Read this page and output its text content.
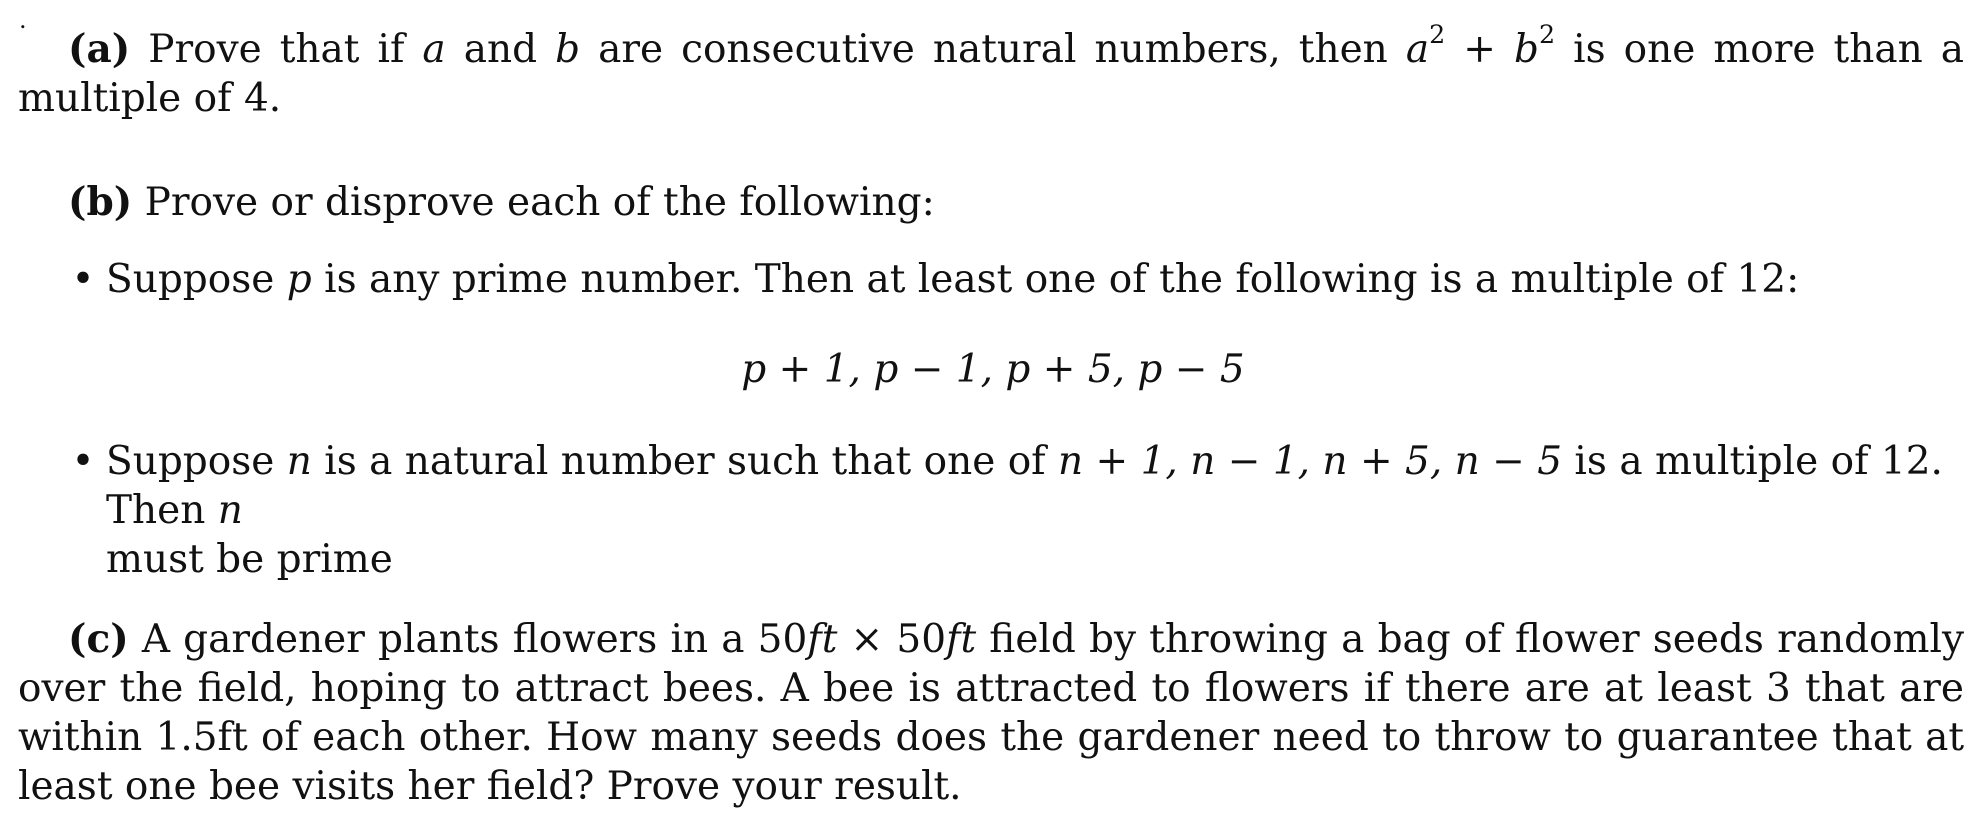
.

(a) Prove that if a and b are consecutive natural numbers, then $a^2 + b^2$ is one more than a multiple of 4.

(b) Prove or disprove each of the following:

• Suppose p is any prime number. Then at least one of the following is a multiple of 12:
p + 1, p − 1, p + 5, p − 5
• Suppose n is a natural number such that one of n + 1, n − 1, n + 5, n − 5 is a multiple of 12. Then n
must be prime

(c) A gardener plants flowers in a 50ft × 50ft field by throwing a bag of flower seeds randomly over the field, hoping to attract bees. A bee is attracted to flowers if there are at least 3 that are within 1.5ft of each other. How many seeds does the gardener need to throw to guarantee that at least one bee visits her field? Prove your result.
